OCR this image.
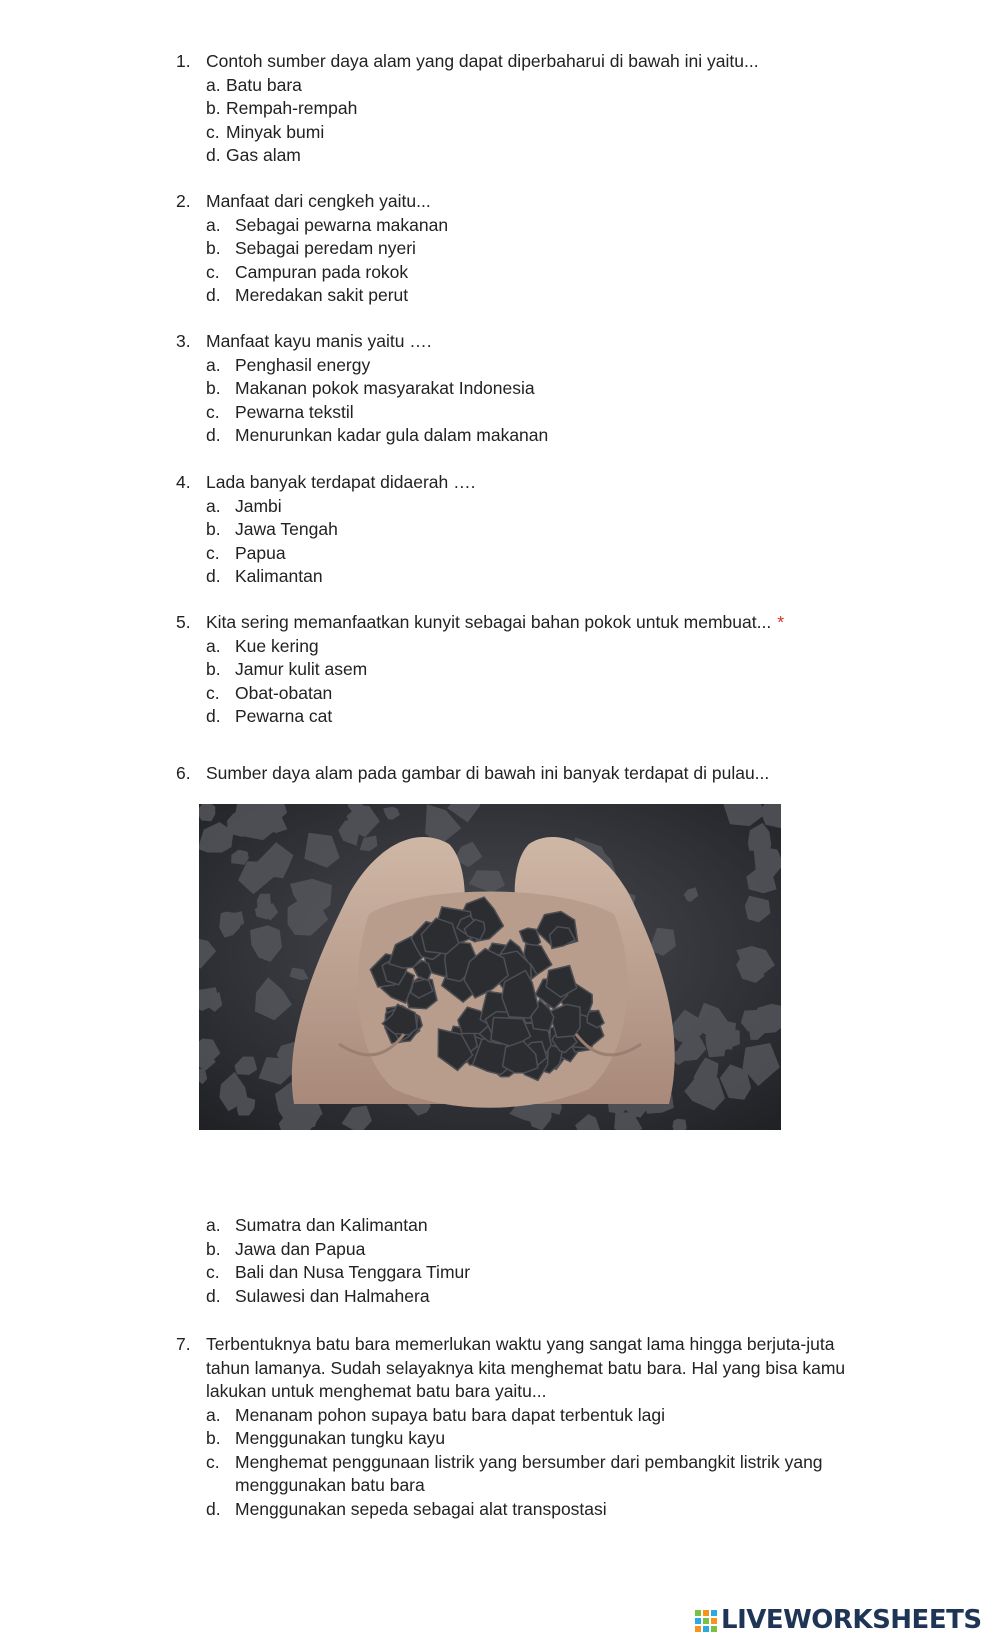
1. Contoh sumber daya alam yang dapat diperbaharui di bawah ini yaitu...
a. Batu bara
b. Rempah-rempah
c. Minyak bumi
d. Gas alam
2. Manfaat dari cengkeh yaitu...
a. Sebagai pewarna makanan
b. Sebagai peredam nyeri
c. Campuran pada rokok
d. Meredakan sakit perut
3. Manfaat kayu manis yaitu ….
a. Penghasil energy
b. Makanan pokok masyarakat Indonesia
c. Pewarna tekstil
d. Menurunkan kadar gula dalam makanan
4. Lada banyak terdapat didaerah ….
a. Jambi
b. Jawa Tengah
c. Papua
d. Kalimantan
5. Kita sering memanfaatkan kunyit sebagai bahan pokok untuk membuat... *
a. Kue kering
b. Jamur kulit asem
c. Obat-obatan
d. Pewarna cat
6. Sumber daya alam pada gambar di bawah ini banyak terdapat di pulau...
a. Sumatra dan Kalimantan
b. Jawa dan Papua
c. Bali dan Nusa Tenggara Timur
d. Sulawesi dan Halmahera
7. Terbentuknya batu bara memerlukan waktu yang sangat lama hingga berjuta-juta tahun lamanya. Sudah selayaknya kita menghemat batu bara. Hal yang bisa kamu lakukan untuk menghemat batu bara yaitu...
a. Menanam pohon supaya batu bara dapat terbentuk lagi
b. Menggunakan tungku kayu
c. Menghemat penggunaan listrik yang bersumber dari pembangkit listrik yang menggunakan batu bara
d. Menggunakan sepeda sebagai alat transpostasi
LIVEWORKSHEETS
